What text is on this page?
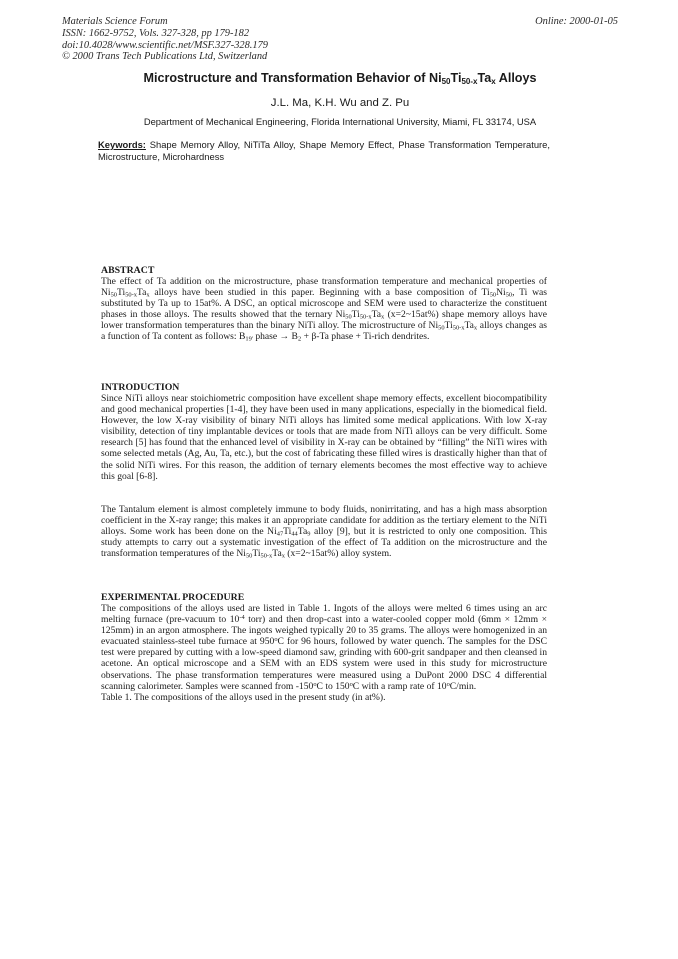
Materials Science Forum
ISSN: 1662-9752, Vols. 327-328, pp 179-182
doi:10.4028/www.scientific.net/MSF.327-328.179
© 2000 Trans Tech Publications Ltd, Switzerland
Online: 2000-01-05
Microstructure and Transformation Behavior of $Ni_{50}Ti_{50-x}Ta_x$ Alloys
J.L. Ma, K.H. Wu and Z. Pu
Department of Mechanical Engineering, Florida International University, Miami, FL 33174, USA
Keywords: Shape Memory Alloy, NiTiTa Alloy, Shape Memory Effect, Phase Transformation Temperature, Microstructure, Microhardness
ABSTRACT

The effect of Ta addition on the microstructure, phase transformation temperature and mechanical properties of $Ni_{50}Ti_{50-x}Ta_x$ alloys have been studied in this paper. Beginning with a base composition of $Ti_{50}Ni_{50}$, Ti was substituted by Ta up to 15at%. A DSC, an optical microscope and SEM were used to characterize the constituent phases in those alloys. The results showed that the ternary $Ni_{50}Ti_{50-x}Ta_x$ (x=2~15at%) shape memory alloys have lower transformation temperatures than the binary NiTi alloy. The microstructure of $Ni_{50}Ti_{50-x}Ta_x$ alloys changes as a function of Ta content as follows: $B_{19'}$ phase → $B_2 + \beta-Ta$ phase + Ti-rich dendrites.

INTRODUCTION

Since NiTi alloys near stoichiometric composition have excellent shape memory effects, excellent biocompatibility and good mechanical properties [1-4], they have been used in many applications, especially in the biomedical field. However, the low X-ray visibility of binary NiTi alloys has limited some medical applications. With low X-ray visibility, detection of tiny implantable devices or tools that are made from NiTi alloys can be very difficult. Some research [5] has found that the enhanced level of visibility in X-ray can be obtained by “filling” the NiTi wires with some selected metals (Ag, Au, Ta, etc.), but the cost of fabricating these filled wires is drastically higher than that of the solid NiTi wires. For this reason, the addition of ternary elements becomes the most effective way to achieve this goal [6-8].

The Tantalum element is almost completely immune to body fluids, nonirritating, and has a high mass absorption coefficient in the X-ray range; this makes it an appropriate candidate for addition as the tertiary element to the NiTi alloys. Some work has been done on the $Ni_{47}Ti_{44}Ta_9$ alloy [9], but it is restricted to only one composition. This study attempts to carry out a systematic investigation of the effect of Ta addition on the microstructure and the transformation temperatures of the $Ni_{50}Ti_{50-x}Ta_x$ (x=2~15at%) alloy system.

EXPERIMENTAL PROCEDURE

The compositions of the alloys used are listed in Table 1. Ingots of the alloys were melted 6 times using an arc melting furnace (pre-vacuum to $10^{-4}$ torr) and then drop-cast into a water-cooled copper mold (6mm × 12mm × 125mm) in an argon atmosphere. The ingots weighed typically 20 to 35 grams. The alloys were homogenized in an evacuated stainless-steel tube furnace at 950$^o$C for 96 hours, followed by water quench. The samples for the DSC test were prepared by cutting with a low-speed diamond saw, grinding with 600-grit sandpaper and then cleansed in acetone. An optical microscope and a SEM with an EDS system were used in this study for microstructure observations. The phase transformation temperatures were measured using a DuPont 2000 DSC 4 differential scanning calorimeter. Samples were scanned from -150$^o$C to 150$^o$C with a ramp rate of 10$^o$C/min.

Table 1. The compositions of the alloys used in the present study (in at%).
